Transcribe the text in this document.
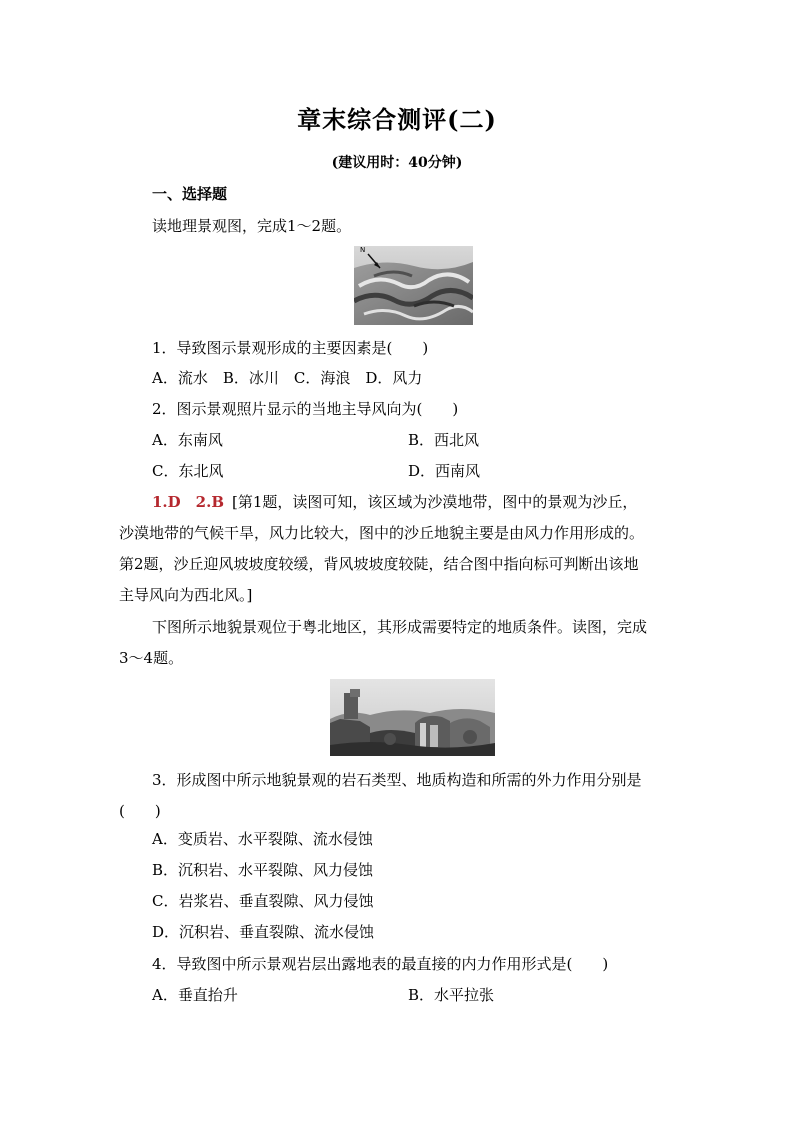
章末综合测评(二)
(建议用时：40分钟)
一、选择题
读地理景观图，完成1～2题。
N
1．导致图示景观形成的主要因素是(　　)
A．流水　B．冰川　C．海浪　D．风力
2．图示景观照片显示的当地主导风向为(　　)
A．东南风	B．西北风
C．东北风	D．西南风
1.D　2.B [第1题，读图可知，该区域为沙漠地带，图中的景观为沙丘，
沙漠地带的气候干旱，风力比较大，图中的沙丘地貌主要是由风力作用形成的。
第2题，沙丘迎风坡坡度较缓，背风坡坡度较陡，结合图中指向标可判断出该地
主导风向为西北风。]
下图所示地貌景观位于粤北地区，其形成需要特定的地质条件。读图，完成
3～4题。
3．形成图中所示地貌景观的岩石类型、地质构造和所需的外力作用分别是
(　　)
A．变质岩、水平裂隙、流水侵蚀
B．沉积岩、水平裂隙、风力侵蚀
C．岩浆岩、垂直裂隙、风力侵蚀
D．沉积岩、垂直裂隙、流水侵蚀
4．导致图中所示景观岩层出露地表的最直接的内力作用形式是(　　)
A．垂直抬升	B．水平拉张
